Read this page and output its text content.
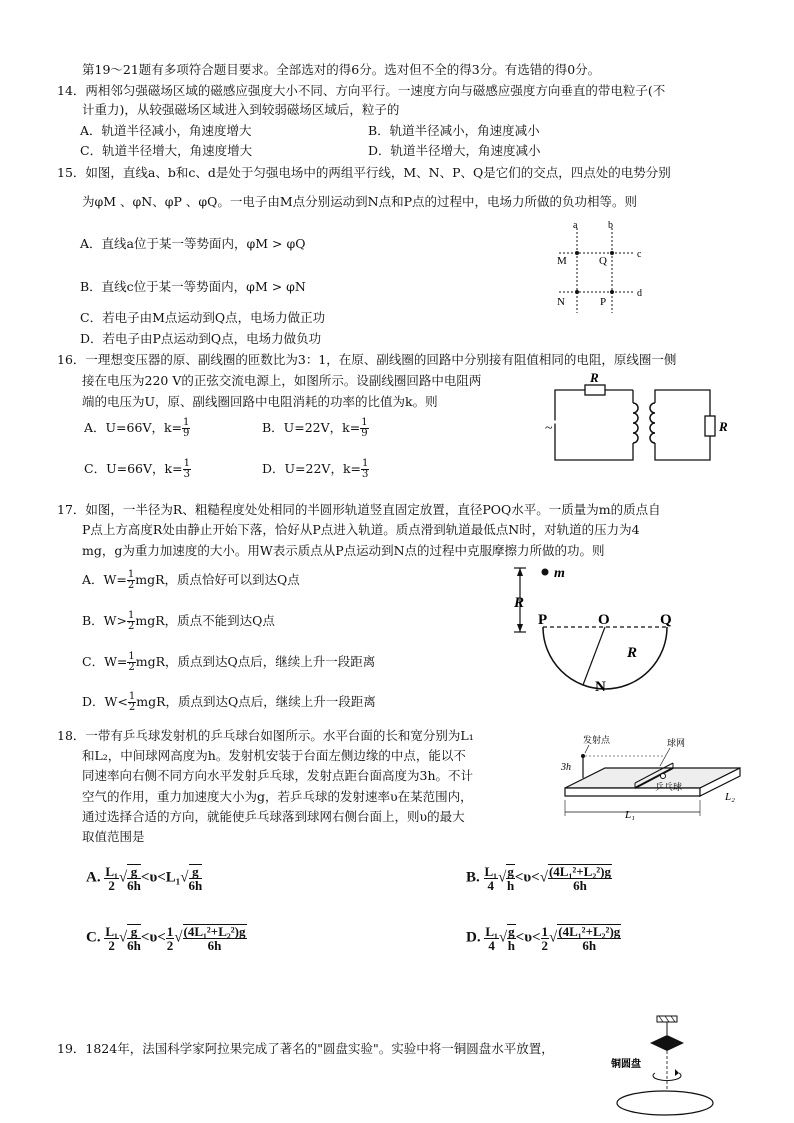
第19～21题有多项符合题目要求。全部选对的得6分。选对但不全的得3分。有选错的得0分。
14．两相邻匀强磁场区域的磁感应强度大小不同、方向平行。一速度方向与磁感应强度方向垂直的带电粒子(不
计重力)，从较强磁场区域进入到较弱磁场区域后，粒子的
A．轨道半径减小，角速度增大	B．轨道半径减小，角速度减小
C．轨道半径增大，角速度增大	D．轨道半径增大，角速度减小
15．如图，直线a、b和c、d是处于匀强电场中的两组平行线，M、N、P、Q是它们的交点，四点处的电势分别
为φM 、φN、φP 、φQ。一电子由M点分别运动到N点和P点的过程中，电场力所做的负功相等。则
A．直线a位于某一等势面内，φM > φQ
B．直线c位于某一等势面内，φM > φN
C．若电子由M点运动到Q点，电场力做正功
D．若电子由P点运动到Q点，电场力做负功
a	b
c
d
M	Q
N	P
16．一理想变压器的原、副线圈的匝数比为3：1，在原、副线圈的回路中分别接有阻值相同的电阻，原线圈一侧
接在电压为220 V的正弦交流电源上，如图所示。设副线圈回路中电阻两
端的电压为U，原、副线圈回路中电阻消耗的功率的比值为k。则
A．U=66V，$k= \frac{1}{9}$	B．U=22V，$k= \frac{1}{9}$
C．U=66V，$k= \frac{1}{3}$	D．U=22V，$k= \frac{1}{3}$
R
R
~
17．如图，一半径为R、粗糙程度处处相同的半圆形轨道竖直固定放置，直径POQ水平。一质量为m的质点自
P点上方高度R处由静止开始下落，恰好从P点进入轨道。质点滑到轨道最低点N时，对轨道的压力为4
mg，g为重力加速度的大小。用W表示质点从P点运动到N点的过程中克服摩擦力所做的功。则
A．$W= \frac{1}{2}$ mgR，质点恰好可以到达Q点
B．$W> \frac{1}{2}$ mgR，质点不能到达Q点
C．$W= \frac{1}{2}$ mgR，质点到达Q点后，继续上升一段距离
D．$W< \frac{1}{2}$ mgR，质点到达Q点后，继续上升一段距离
R
m
P	O	Q
R
N
18．一带有乒乓球发射机的乒乓球台如图所示。水平台面的长和宽分别为L₁
和L₂，中间球网高度为h。发射机安装于台面左侧边缘的中点，能以不
同速率向右侧不同方向水平发射乒乓球，发射点距台面高度为3h。不计
空气的作用，重力加速度大小为g，若乒乓球的发射速率υ在某范围内，
通过选择合适的方向，就能使乒乓球落到球网右侧台面上，则υ的最大
取值范围是
发射点	球网
乒乓球
3h
L₁
L₂
A. $\frac{\text{L₁}}{2}$ √ $\frac{g}{6h} <\upsilon<L_1√ \frac{g}{6h}$	B. $\frac{\text{L₁}}{4}$ √ $\frac{g}{h} <\upsilon<√ \frac{\text{(4L₁²+L₂²)g}}{6h}$
C. $\frac{\text{L₁}}{2}$ √ $\frac{g}{6h} <\upsilon< \frac{1}{2}$ √ $\frac{\text{(4L₁²+L₂²)g}}{6h}$	D. $\frac{\text{L₁}}{4}$ √ $\frac{g}{h} <\upsilon< \frac{1}{2}$ √ $\frac{\text{(4L₁²+L₂²)g}}{6h}$
19．1824年，法国科学家阿拉果完成了著名的"圆盘实验"。实验中将一铜圆盘水平放置，
铜圆盘
